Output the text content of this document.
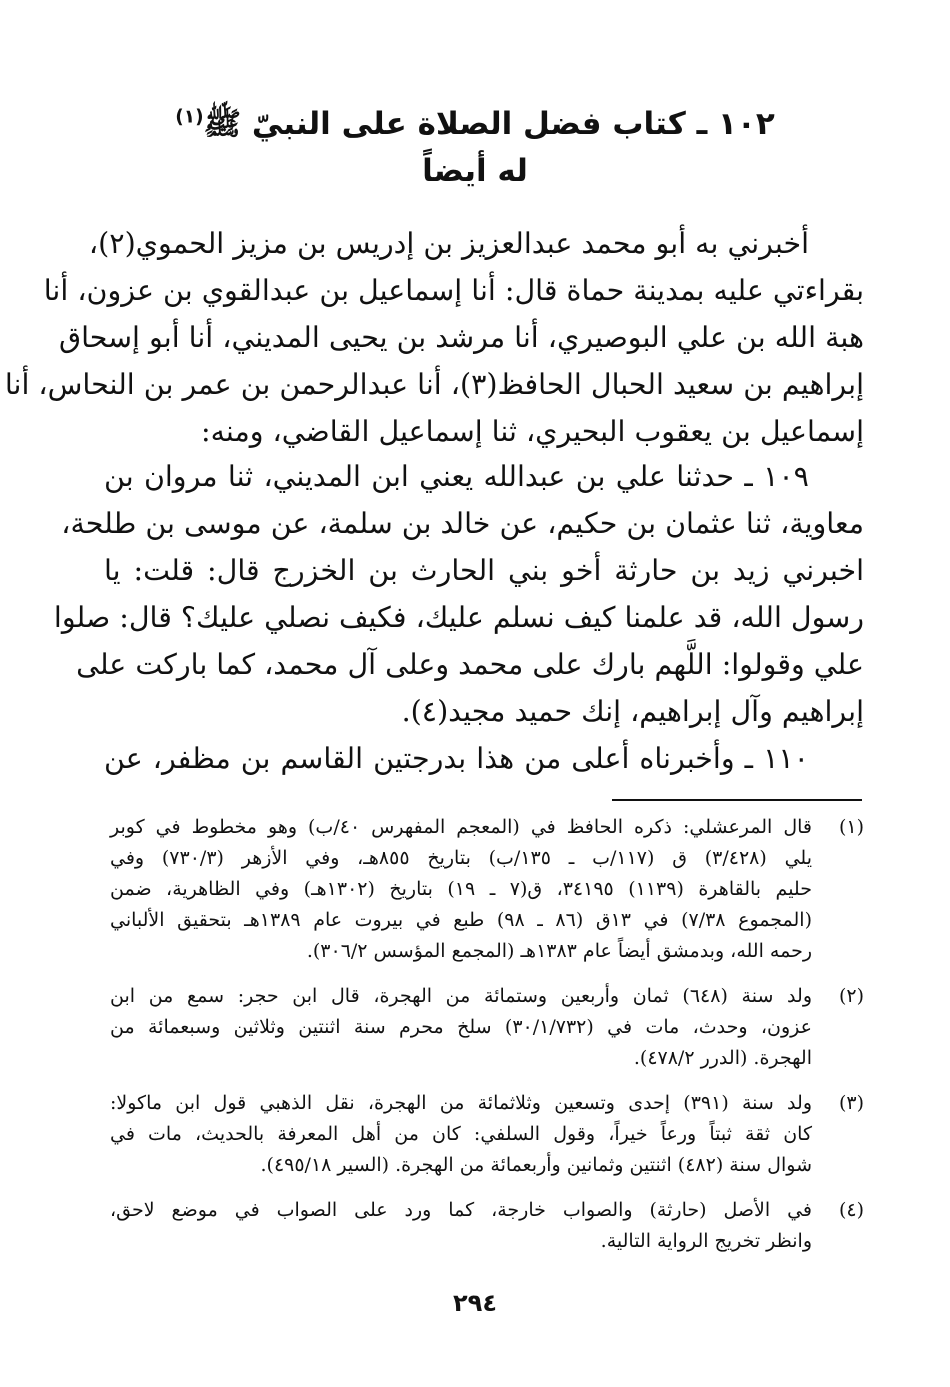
١٠٢ ـ كتاب فضل الصلاة على النبيّ ﷺ$^{(١)}$
له أيضاً
أخبرني به أبو محمد عبدالعزيز بن إدريس بن مزيز الحموي(٢)،
بقراءتي عليه بمدينة حماة قال: أنا إسماعيل بن عبدالقوي بن عزون، أنا
هبة الله بن علي البوصيري، أنا مرشد بن يحيى المديني، أنا أبو إسحاق
إبراهيم بن سعيد الحبال الحافظ(٣)، أنا عبدالرحمن بن عمر بن النحاس، أنا
إسماعيل بن يعقوب البحيري، ثنا إسماعيل القاضي، ومنه:
١٠٩ ـ حدثنا علي بن عبدالله يعني ابن المديني، ثنا مروان بن
معاوية، ثنا عثمان بن حكيم، عن خالد بن سلمة، عن موسى بن طلحة،
اخبرني زيد بن حارثة أخو بني الحارث بن الخزرج قال: قلت: يا
رسول الله، قد علمنا كيف نسلم عليك، فكيف نصلي عليك؟ قال: صلوا
علي وقولوا: اللَّهم بارك على محمد وعلى آل محمد، كما باركت على
إبراهيم وآل إبراهيم، إنك حميد مجيد(٤).
١١٠ ـ وأخبرناه أعلى من هذا بدرجتين القاسم بن مظفر، عن
(١)
قال المرعشلي: ذكره الحافظ في (المعجم المفهرس ٤٠/ب) وهو مخطوط في كوبر
يلي (٣/٤٢٨) ق (١١٧/ب ـ ١٣٥/ب) بتاريخ ٨٥٥هـ، وفي الأزهر (٧٣٠/٣) وفي
حليم بالقاهرة (١١٣٩) ٣٤١٩٥، ق(٧ ـ ١٩) بتاريخ (١٣٠٢هـ) وفي الظاهرية، ضمن
(المجموع ٧/٣٨) في ١٣ق (٨٦ ـ ٩٨) طبع في بيروت عام ١٣٨٩هـ بتحقيق الألباني
رحمه الله، وبدمشق أيضاً عام ١٣٨٣هـ (المجمع المؤسس ٣٠٦/٢).
(٢)
ولد سنة (٦٤٨) ثمان وأربعين وستمائة من الهجرة، قال ابن حجر: سمع من ابن
عزون، وحدث، مات في (٣٠/١/٧٣٢) سلخ محرم سنة اثنتين وثلاثين وسبعمائة من
الهجرة. (الدرر ٤٧٨/٢).
(٣)
ولد سنة (٣٩١) إحدى وتسعين وثلاثمائة من الهجرة، نقل الذهبي قول ابن ماكولا:
كان ثقة ثبتاً ورعاً خيراً، وقول السلفي: كان من أهل المعرفة بالحديث، مات في
شوال سنة (٤٨٢) اثنتين وثمانين وأربعمائة من الهجرة. (السير ٤٩٥/١٨).
(٤)
في الأصل (حارثة) والصواب خارجة، كما ورد على الصواب في موضع لاحق،
وانظر تخريج الرواية التالية.
٢٩٤
